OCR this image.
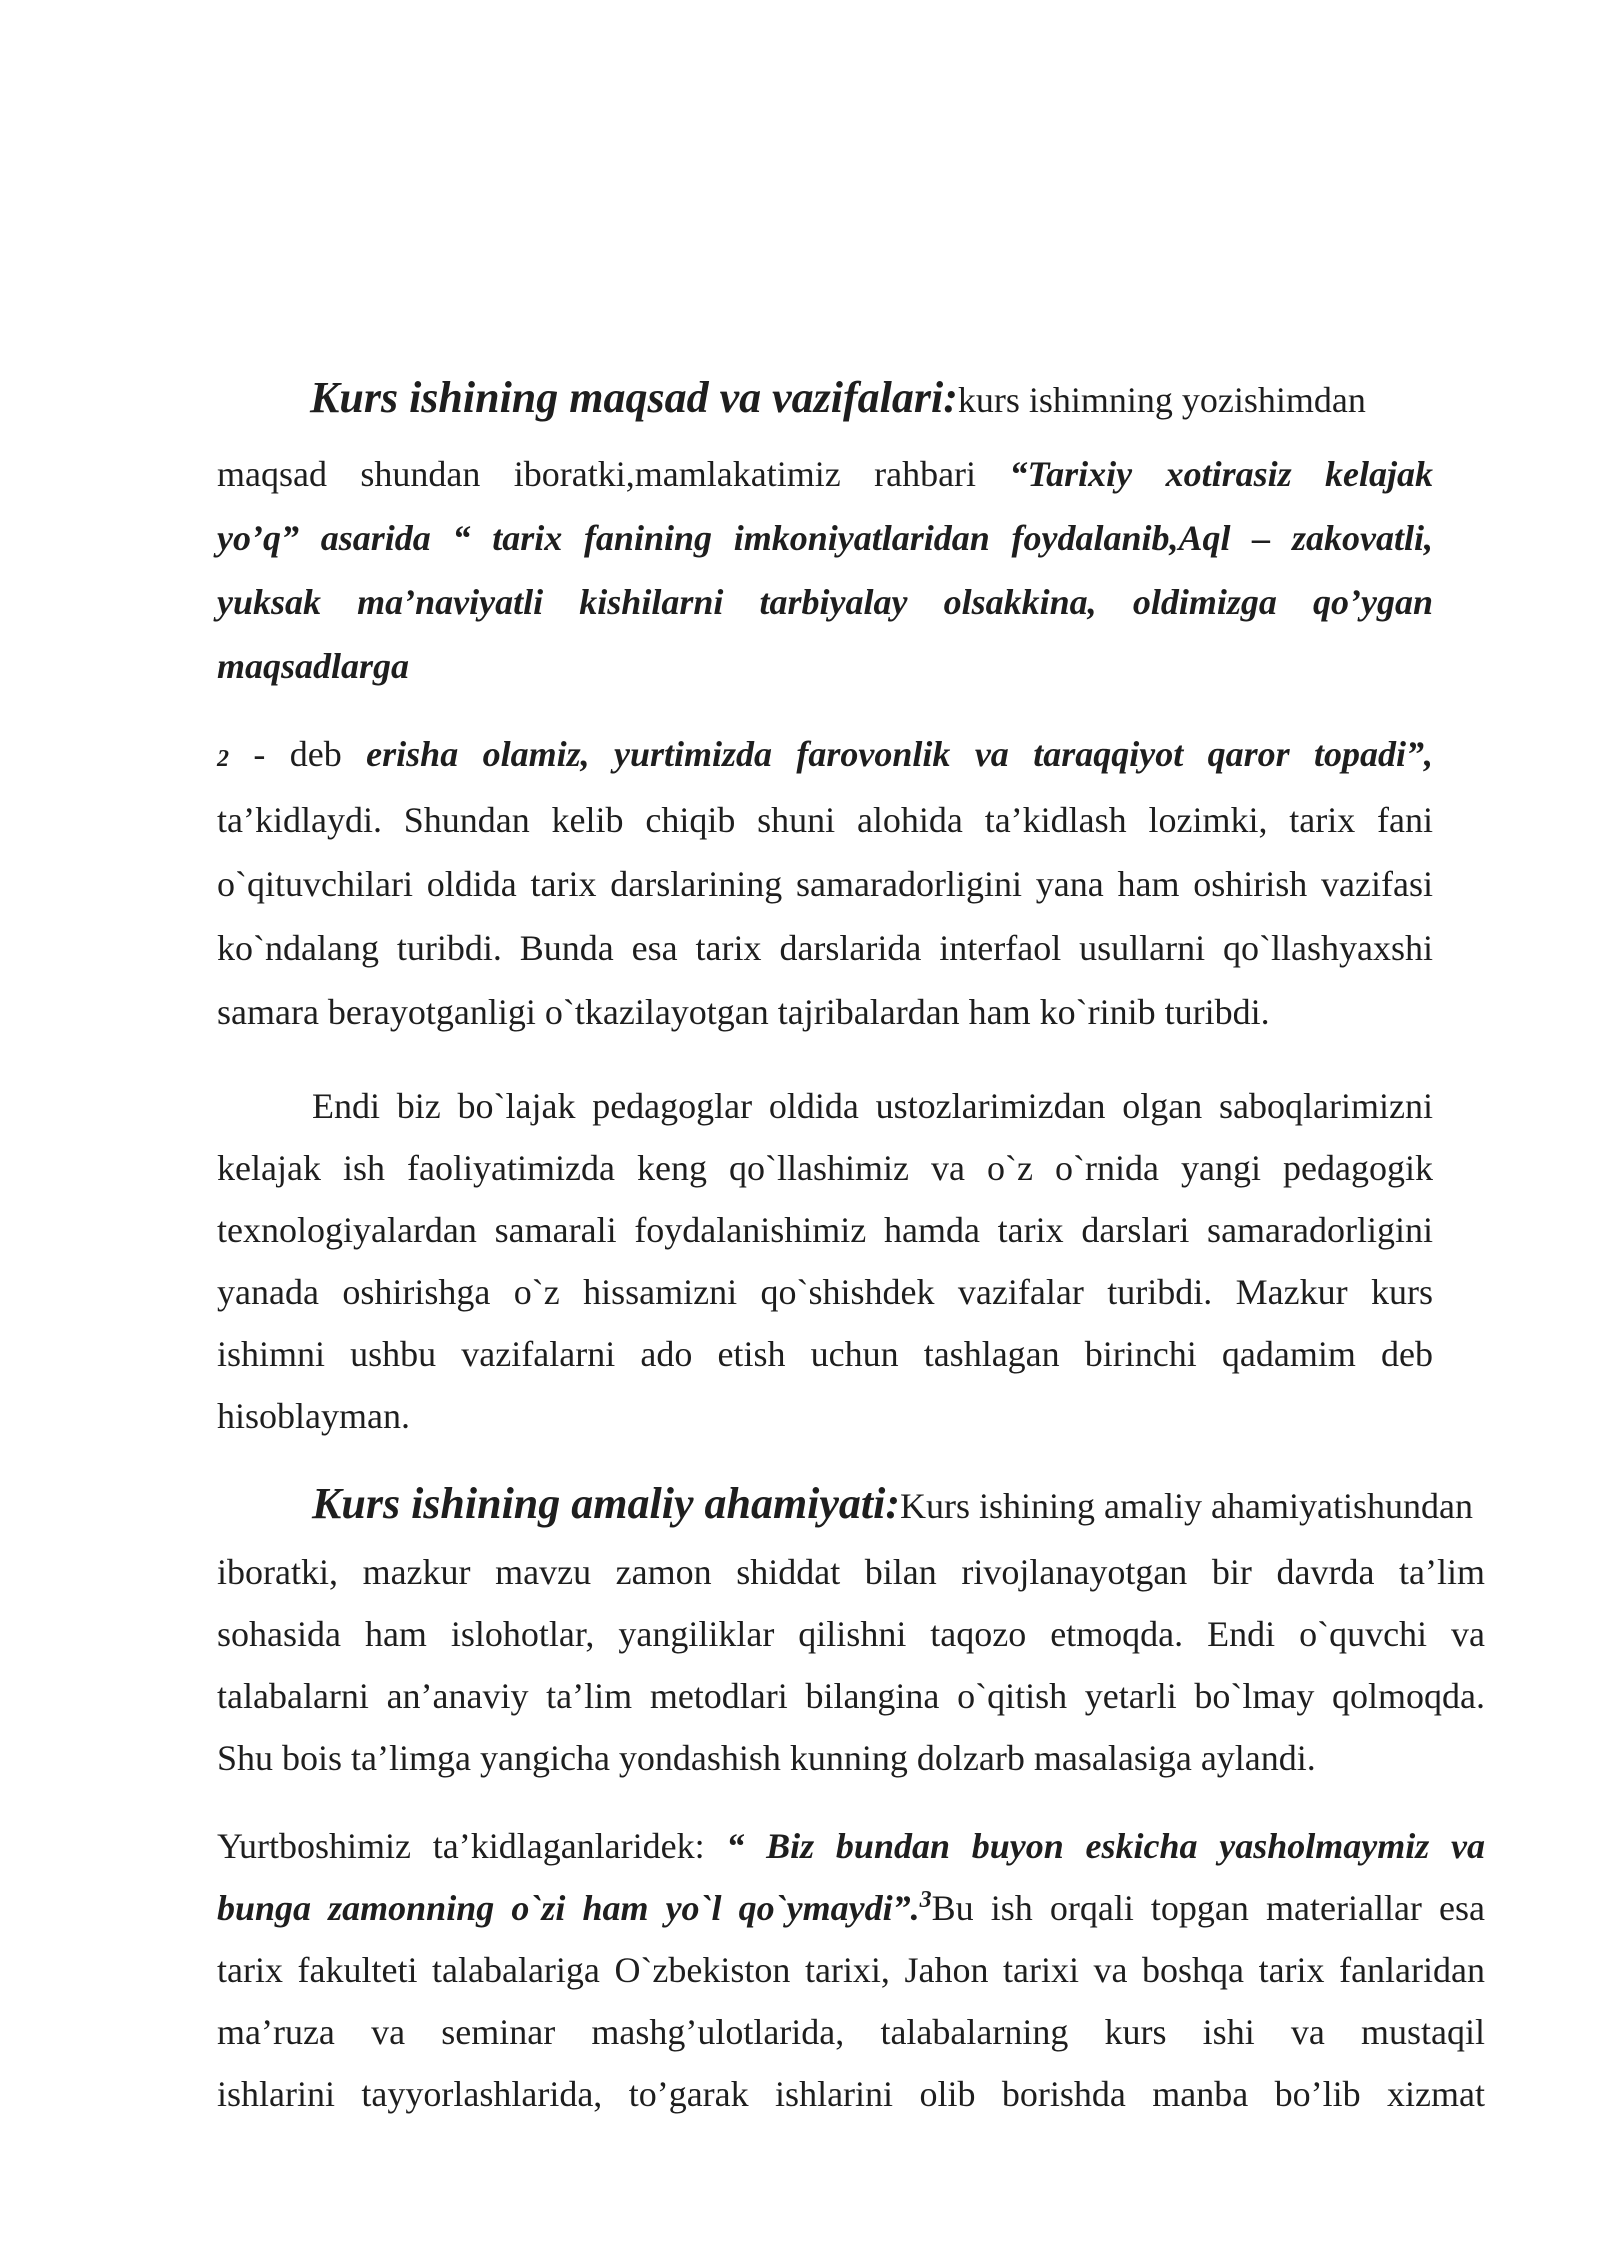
Kurs ishining maqsad va vazifalari:kurs ishimning yozishimdan

maqsad shundan iboratki,mamlakatimiz rahbari “Tarixiy xotirasiz kelajak

yo’q” asarida “ tarix fanining imkoniyatlaridan foydalanib,Aql – zakovatli,

yuksak ma’naviyatli kishilarni tarbiyalay olsakkina, oldimizga qo’ygan

maqsadlarga

2 - deb erisha olamiz, yurtimizda farovonlik va taraqqiyot qaror topadi”,

ta’kidlaydi. Shundan kelib chiqib shuni alohida ta’kidlash lozimki, tarix fani

o`qituvchilari oldida tarix darslarining samaradorligini yana ham oshirish vazifasi

ko`ndalang turibdi. Bunda esa tarix darslarida interfaol usullarni qo`llashyaxshi

samara berayotganligi o`tkazilayotgan tajribalardan ham ko`rinib turibdi.

Endi biz bo`lajak pedagoglar oldida ustozlarimizdan olgan saboqlarimizni

kelajak ish faoliyatimizda keng qo`llashimiz va o`z o`rnida yangi pedagogik

texnologiyalardan samarali foydalanishimiz hamda tarix darslari samaradorligini

yanada oshirishga o`z hissamizni qo`shishdek vazifalar turibdi. Mazkur kurs

ishimni ushbu vazifalarni ado etish uchun tashlagan birinchi qadamim deb

hisoblayman.

Kurs ishining amaliy ahamiyati:Kurs ishining amaliy ahamiyatishundan

iboratki, mazkur mavzu zamon shiddat bilan rivojlanayotgan bir davrda ta’lim

sohasida ham islohotlar, yangiliklar qilishni taqozo etmoqda. Endi o`quvchi va

talabalarni an’anaviy ta’lim metodlari bilangina o`qitish yetarli bo`lmay qolmoqda.

Shu bois ta’limga yangicha yondashish kunning dolzarb masalasiga aylandi.

Yurtboshimiz ta’kidlaganlaridek: “ Biz bundan buyon eskicha yasholmaymiz va

bunga zamonning o`zi ham yo`l qo`ymaydi”.$^3$Bu ish orqali topgan materiallar esa

tarix fakulteti talabalariga O`zbekiston tarixi, Jahon tarixi va boshqa tarix fanlaridan

ma’ruza va seminar mashg’ulotlarida, talabalarning kurs ishi va mustaqil

ishlarini tayyorlashlarida, to’garak ishlarini olib borishda manba bo’lib xizmat
